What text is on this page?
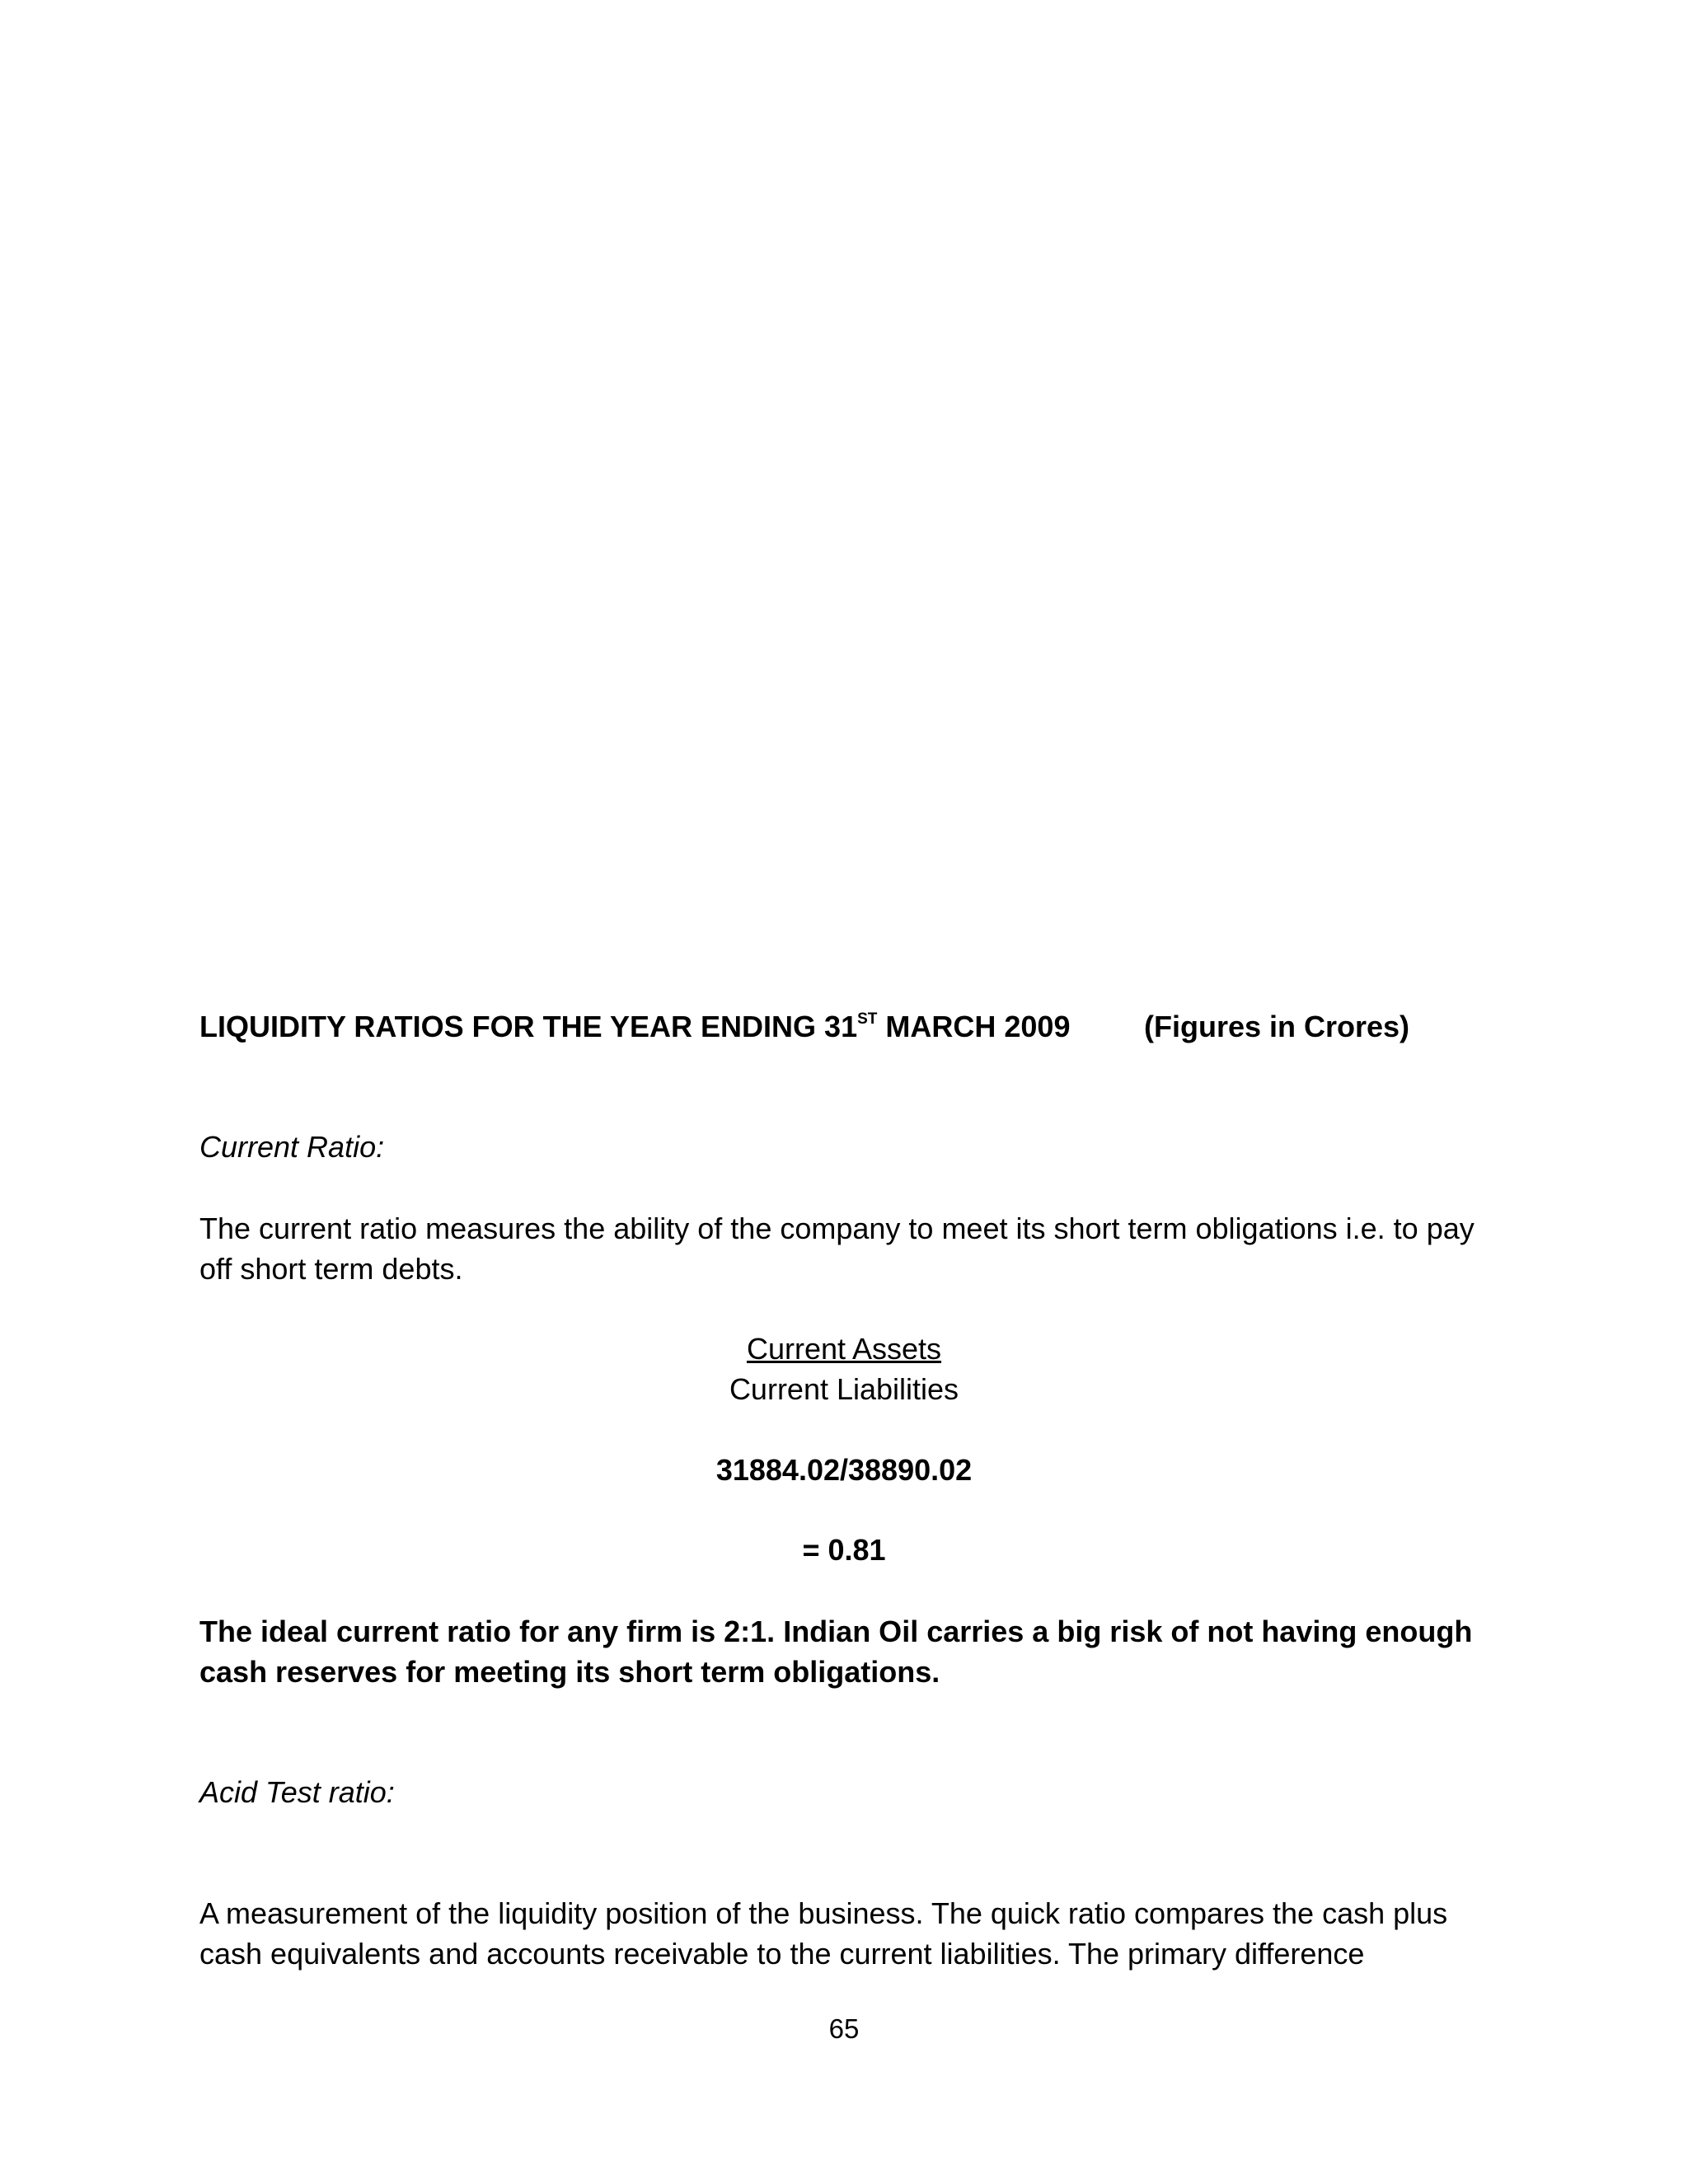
LIQUIDITY RATIOS FOR THE YEAR ENDING 31ST MARCH 2009 (Figures in Crores)
Current Ratio:

The current ratio measures the ability of the company to meet its short term obligations i.e. to pay off short term debts.

Current Assets
Current Liabilities
31884.02/38890.02
= 0.81

The ideal current ratio for any firm is 2:1. Indian Oil carries a big risk of not having enough cash reserves for meeting its short term obligations.

Acid Test ratio:

A measurement of the liquidity position of the business. The quick ratio compares the cash plus cash equivalents and accounts receivable to the current liabilities. The primary difference

65
